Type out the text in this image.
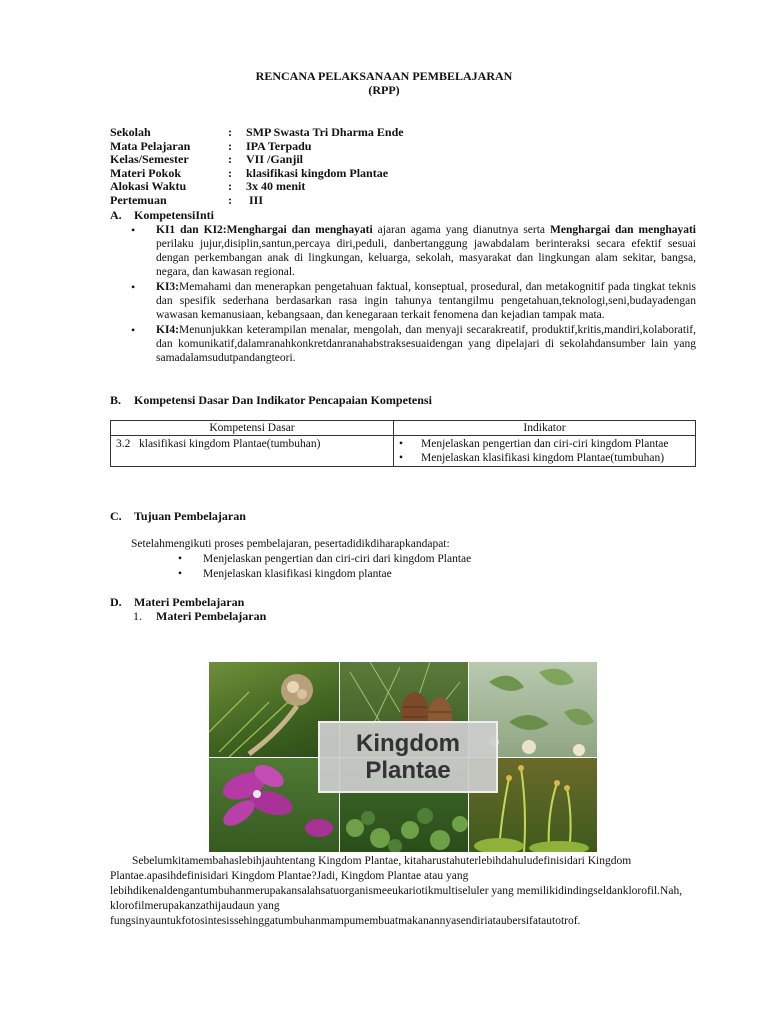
RENCANA PELAKSANAAN PEMBELAJARAN
(RPP)
Sekolah	:	SMP Swasta Tri Dharma Ende
Mata Pelajaran	:	IPA Terpadu
Kelas/Semester	:	VII /Ganjil
Materi Pokok	:	klasifikasi kingdom Plantae
Alokasi Waktu	:	3x 40 menit
Pertemuan	:	III
A. KompetensiInti
• KI1 dan KI2:Menghargai dan menghayati ajaran agama yang dianutnya serta Menghargai dan menghayati perilaku jujur,disiplin,santun,percaya diri,peduli, danbertanggung jawabdalam berinteraksi secara efektif sesuai dengan perkembangan anak di lingkungan, keluarga, sekolah, masyarakat dan lingkungan alam sekitar, bangsa, negara, dan kawasan regional.

• KI3:Memahami dan menerapkan pengetahuan faktual, konseptual, prosedural, dan metakognitif pada tingkat teknis dan spesifik sederhana berdasarkan rasa ingin tahunya tentangilmu pengetahuan,teknologi,seni,budayadengan wawasan kemanusiaan, kebangsaan, dan kenegaraan terkait fenomena dan kejadian tampak mata.

• KI4:Menunjukkan keterampilan menalar, mengolah, dan menyaji secarakreatif, produktif,kritis,mandiri,kolaboratif, dan komunikatif,dalamranahkonkretdanranahabstraksesuaidengan yang dipelajari di sekolahdansumber lain yang samadalamsudutpandangteori.

B. Kompetensi Dasar Dan Indikator Pencapaian Kompetensi
Kompetensi Dasar	Indikator
3.2 klasifikasi kingdom Plantae(tumbuhan)	• Menjelaskan pengertian dan ciri-ciri kingdom Plantae
• Menjelaskan klasifikasi kingdom Plantae(tumbuhan)
C. Tujuan Pembelajaran

Setelahmengikuti proses pembelajaran, pesertadidikdiharapkandapat:

• Menjelaskan pengertian dan ciri-ciri dari kingdom Plantae
• Menjelaskan klasifikasi kingdom plantae
D. Materi Pembelajaran
1. Materi Pembelajaran
Kingdom
Plantae

Sebelumkitamembahaslebihjauhtentang Kingdom Plantae, kitaharustahuterlebihdahuludefinisidari Kingdom Plantae.apasihdefinisidari Kingdom Plantae?Jadi, Kingdom Plantae atau yang lebihdikenaldengantumbuhanmerupakansalahsatuorganismeeukariotikmultiseluler yang memilikidindingseldanklorofil.Nah, klorofilmerupakanzathijaudaun yang fungsinyauntukfotosintesissehinggatumbuhanmampumembuatmakanannyasendiriataubersifatautotrof.
